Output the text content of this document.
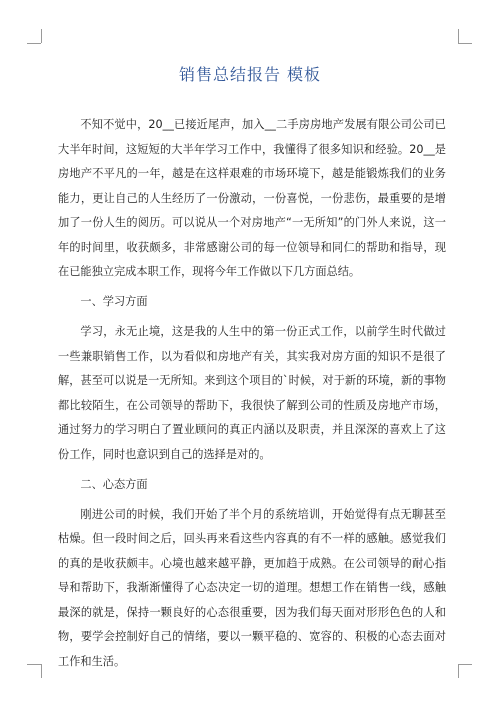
销售总结报告 模板

不知不觉中，20__已接近尾声，加入__二手房房地产发展有限公司公司已大半年时间，这短短的大半年学习工作中，我懂得了很多知识和经验。20__是房地产不平凡的一年，越是在这样艰难的市场环境下，越是能锻炼我们的业务能力，更让自己的人生经历了一份激动，一份喜悦，一份悲伤，最重要的是增加了一份人生的阅历。可以说从一个对房地产“一无所知”的门外人来说，这一年的时间里，收获颇多，非常感谢公司的每一位领导和同仁的帮助和指导，现在已能独立完成本职工作，现将今年工作做以下几方面总结。

一、学习方面

学习，永无止境，这是我的人生中的第一份正式工作，以前学生时代做过一些兼职销售工作，以为看似和房地产有关，其实我对房方面的知识不是很了解，甚至可以说是一无所知。来到这个项目的`时候，对于新的环境，新的事物都比较陌生，在公司领导的帮助下，我很快了解到公司的性质及房地产市场，通过努力的学习明白了置业顾问的真正内涵以及职责，并且深深的喜欢上了这份工作，同时也意识到自己的选择是对的。

二、心态方面

刚进公司的时候，我们开始了半个月的系统培训，开始觉得有点无聊甚至枯燥。但一段时间之后，回头再来看这些内容真的有不一样的感触。感觉我们的真的是收获颇丰。心境也越来越平静，更加趋于成熟。在公司领导的耐心指导和帮助下，我渐渐懂得了心态决定一切的道理。想想工作在销售一线，感触最深的就是，保持一颗良好的心态很重要，因为我们每天面对形形色色的人和物，要学会控制好自己的情绪，要以一颗平稳的、宽容的、积极的心态去面对工作和生活。
